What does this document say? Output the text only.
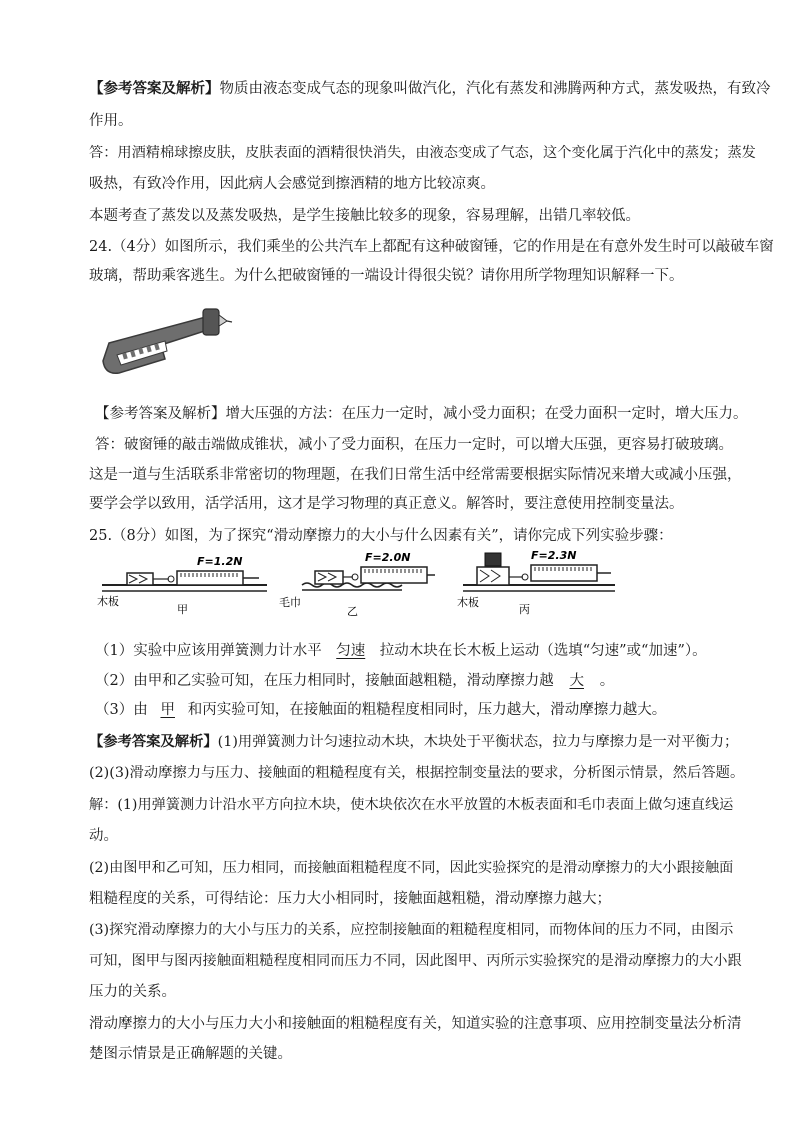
【参考答案及解析】物质由液态变成气态的现象叫做汽化，汽化有蒸发和沸腾两种方式，蒸发吸热，有致冷
作用。
答：用酒精棉球擦皮肤，皮肤表面的酒精很快消失，由液态变成了气态，这个变化属于汽化中的蒸发；蒸发
吸热，有致冷作用，因此病人会感觉到擦酒精的地方比较凉爽。
本题考查了蒸发以及蒸发吸热，是学生接触比较多的现象，容易理解，出错几率较低。
24.（4分）如图所示，我们乘坐的公共汽车上都配有这种破窗锤，它的作用是在有意外发生时可以敲破车窗
玻璃，帮助乘客逃生。为什么把破窗锤的一端设计得很尖锐？请你用所学物理知识解释一下。
【参考答案及解析】增大压强的方法：在压力一定时，减小受力面积；在受力面积一定时，增大压力。
答：破窗锤的敲击端做成锥状，减小了受力面积，在压力一定时，可以增大压强，更容易打破玻璃。
这是一道与生活联系非常密切的物理题，在我们日常生活中经常需要根据实际情况来增大或减小压强，
要学会学以致用，活学活用，这才是学习物理的真正意义。解答时，要注意使用控制变量法。
25.（8分）如图，为了探究“滑动摩擦力的大小与什么因素有关”，请你完成下列实验步骤：
F=1.2N
木板
甲
F=2.0N
毛巾
乙
F=2.3N
木板
丙
（1）实验中应该用弹簧测力计水平 匀速 拉动木块在长木板上运动（选填“匀速”或“加速”）。
（2）由甲和乙实验可知，在压力相同时，接触面越粗糙，滑动摩擦力越 大 。
（3）由 甲 和丙实验可知，在接触面的粗糙程度相同时，压力越大，滑动摩擦力越大。
【参考答案及解析】(1)用弹簧测力计匀速拉动木块，木块处于平衡状态，拉力与摩擦力是一对平衡力；
(2)(3)滑动摩擦力与压力、接触面的粗糙程度有关，根据控制变量法的要求，分析图示情景，然后答题。
解：(1)用弹簧测力计沿水平方向拉木块，使木块依次在水平放置的木板表面和毛巾表面上做匀速直线运
动。
(2)由图甲和乙可知，压力相同，而接触面粗糙程度不同，因此实验探究的是滑动摩擦力的大小跟接触面
粗糙程度的关系，可得结论：压力大小相同时，接触面越粗糙，滑动摩擦力越大；
(3)探究滑动摩擦力的大小与压力的关系，应控制接触面的粗糙程度相同，而物体间的压力不同，由图示
可知，图甲与图丙接触面粗糙程度相同而压力不同，因此图甲、丙所示实验探究的是滑动摩擦力的大小跟
压力的关系。
滑动摩擦力的大小与压力大小和接触面的粗糙程度有关，知道实验的注意事项、应用控制变量法分析清
楚图示情景是正确解题的关键。
